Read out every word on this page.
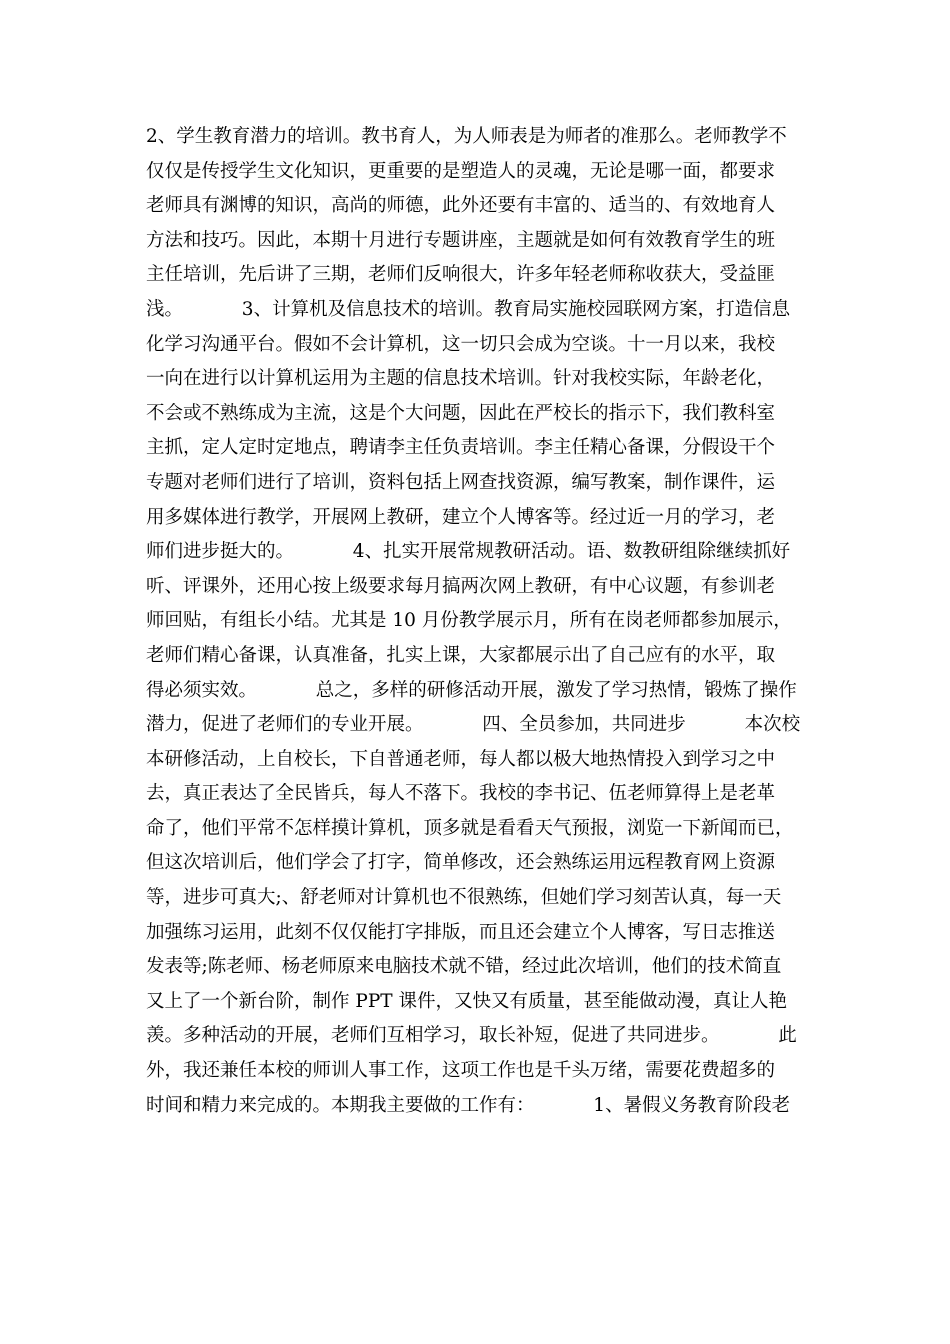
2、学生教育潜力的培训。教书育人，为人师表是为师者的准那么。老师教学不
仅仅是传授学生文化知识，更重要的是塑造人的灵魂，无论是哪一面，都要求
老师具有渊博的知识，高尚的师德，此外还要有丰富的、适当的、有效地育人
方法和技巧。因此，本期十月进行专题讲座，主题就是如何有效教育学生的班
主任培训，先后讲了三期，老师们反响很大，许多年轻老师称收获大，受益匪
浅。          3、计算机及信息技术的培训。教育局实施校园联网方案，打造信息
化学习沟通平台。假如不会计算机，这一切只会成为空谈。十一月以来，我校
一向在进行以计算机运用为主题的信息技术培训。针对我校实际，年龄老化，
不会或不熟练成为主流，这是个大问题，因此在严校长的指示下，我们教科室
主抓，定人定时定地点，聘请李主任负责培训。李主任精心备课，分假设干个
专题对老师们进行了培训，资料包括上网查找资源，编写教案，制作课件，运
用多媒体进行教学，开展网上教研，建立个人博客等。经过近一月的学习，老
师们进步挺大的。          4、扎实开展常规教研活动。语、数教研组除继续抓好
听、评课外，还用心按上级要求每月搞两次网上教研，有中心议题，有参训老
师回贴，有组长小结。尤其是 10 月份教学展示月，所有在岗老师都参加展示，
老师们精心备课，认真准备，扎实上课，大家都展示出了自己应有的水平，取
得必须实效。          总之，多样的研修活动开展，激发了学习热情，锻炼了操作
潜力，促进了老师们的专业开展。          四、全员参加，共同进步          本次校
本研修活动，上自校长，下自普通老师，每人都以极大地热情投入到学习之中
去，真正表达了全民皆兵，每人不落下。我校的李书记、伍老师算得上是老革
命了，他们平常不怎样摸计算机，顶多就是看看天气预报，浏览一下新闻而已，
但这次培训后，他们学会了打字，简单修改，还会熟练运用远程教育网上资源
等，进步可真大;、舒老师对计算机也不很熟练，但她们学习刻苦认真，每一天
加强练习运用，此刻不仅仅能打字排版，而且还会建立个人博客，写日志推送
发表等;陈老师、杨老师原来电脑技术就不错，经过此次培训，他们的技术简直
又上了一个新台阶，制作 PPT 课件，又快又有质量，甚至能做动漫，真让人艳
羡。多种活动的开展，老师们互相学习，取长补短，促进了共同进步。          此
外，我还兼任本校的师训人事工作，这项工作也是千头万绪，需要花费超多的
时间和精力来完成的。本期我主要做的工作有：          1、暑假义务教育阶段老
